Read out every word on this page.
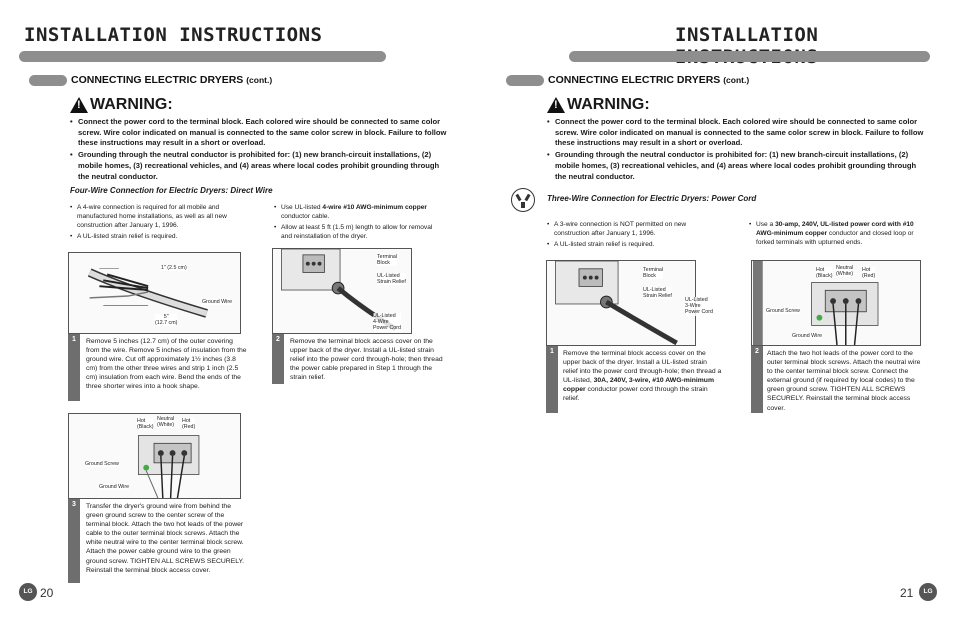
INSTALLATION INSTRUCTIONS
CONNECTING ELECTRIC DRYERS (cont.)
!
WARNING:
• Connect the power cord to the terminal block. Each colored wire should be connected to same color screw. Wire color indicated on manual is connected to the same color screw in block. Failure to follow these instructions may result in a short or overload.
• Grounding through the neutral conductor is prohibited for: (1) new branch-circuit installations, (2) mobile homes, (3) recreational vehicles, and (4) areas where local codes prohibit grounding through the neutral conductor.
Four-Wire Connection for Electric Dryers: Direct Wire
• A 4-wire connection is required for all mobile and manufactured home installations, as well as all new construction after January 1, 1996.
• A UL-listed strain relief is required.
• Use UL-listed 4-wire #10 AWG-minimum copper conductor cable.
• Allow at least 5 ft (1.5 m) length to allow for removal and reinstallation of the dryer.
1" (2.5 cm)
Ground Wire
5"
(12.7 cm)
1	Remove 5 inches (12.7 cm) of the outer covering from the wire. Remove 5 inches of insulation from the ground wire. Cut off approximately 1½ inches (3.8 cm) from the other three wires and strip 1 inch (2.5 cm) insulation from each wire. Bend the ends of the three shorter wires into a hook shape.
Terminal
Block
UL-Listed
Strain Relief
UL-Listed
4-Wire
Power Cord
2	Remove the terminal block access cover on the upper back of the dryer. Install a UL-listed strain relief into the power cord through-hole; then thread the power cable prepared in Step 1 through the strain relief.
Hot
(Black)
Neutral
(White)
Hot
(Red)
Ground Screw
Ground Wire
3	Transfer the dryer's ground wire from behind the green ground screw to the center screw of the terminal block. Attach the two hot leads of the power cable to the outer terminal block screws. Attach the white neutral wire to the center terminal block screw. Attach the power cable ground wire to the green ground screw. TIGHTEN ALL SCREWS SECURELY. Reinstall the terminal block access cover.
LG 20
INSTALLATION
CONNECTING ELECTRIC DRYERS (cont.)
!
WARNING:
• Connect the power cord to the terminal block. Each colored wire should be connected to same color screw. Wire color indicated on manual is connected to the same color screw in block. Failure to follow these instructions may result in a short or overload.
• Grounding through the neutral conductor is prohibited for: (1) new branch-circuit installations, (2) mobile homes, (3) recreational vehicles, and (4) areas where local codes prohibit grounding through the neutral conductor.
Three-Wire Connection for Electric Dryers: Power Cord
• A 3-wire connection is NOT permitted on new construction after January 1, 1996.
• A UL-listed strain relief is required.
• Use a 30-amp, 240V, UL-listed power cord with #10 AWG-minimum copper conductor and closed loop or forked terminals with upturned ends.
Terminal
Block
UL-Listed
Strain Relief
UL-Listed
3-Wire
Power Cord
1	Remove the terminal block access cover on the upper back of the dryer. Install a UL-listed strain relief into the power cord through-hole; then thread a UL-listed, 30A, 240V, 3-wire, #10 AWG-minimum copper conductor power cord through the strain relief.
Hot
(Black)
Neutral
(White)
Hot
(Red)
Ground Screw
Ground Wire
2	Attach the two hot leads of the power cord to the outer terminal block screws. Attach the neutral wire to the center terminal block screw. Connect the external ground (if required by local codes) to the green ground screw. TIGHTEN ALL SCREWS SECURELY. Reinstall the terminal block access cover.
21	LG
